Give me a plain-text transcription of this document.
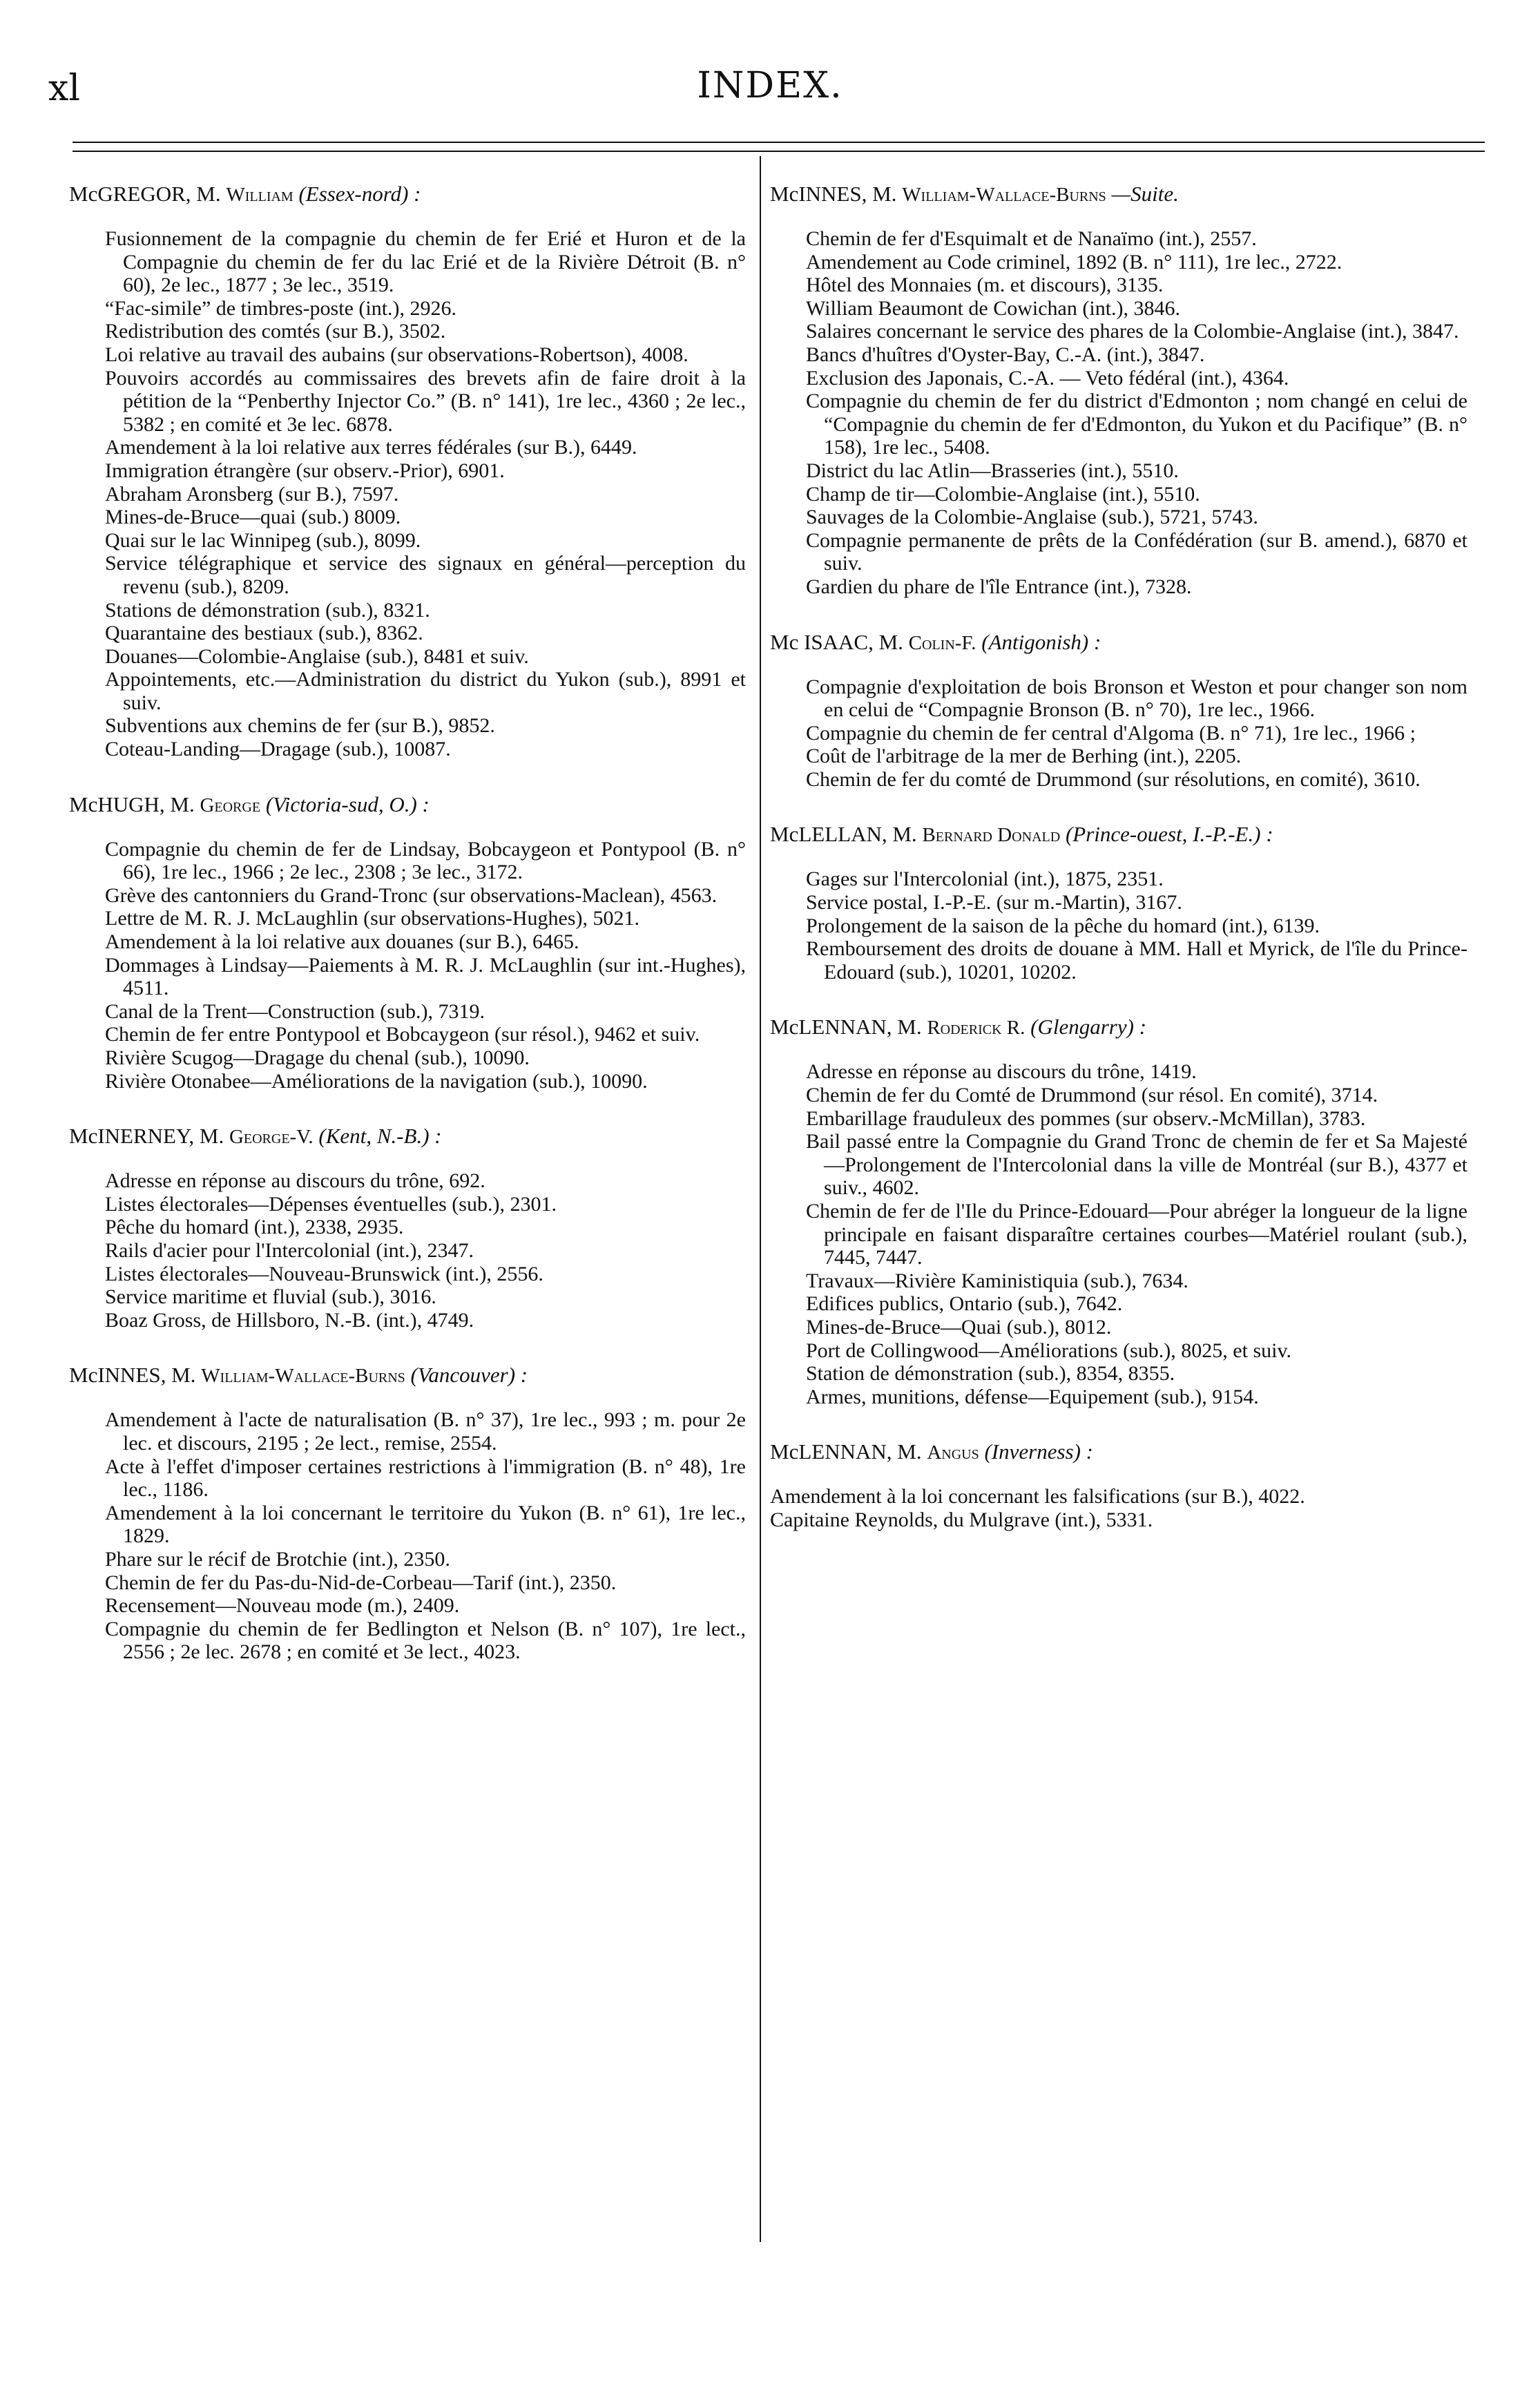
xl	INDEX.
McGREGOR, M. William (Essex-nord) :
Fusionnement de la compagnie du chemin de fer Erié et Huron et de la Compagnie du chemin de fer du lac Erié et de la Rivière Détroit (B. n° 60), 2e lec., 1877 ; 3e lec., 3519.
“Fac-simile” de timbres-poste (int.), 2926.
Redistribution des comtés (sur B.), 3502.
Loi relative au travail des aubains (sur observations-Robertson), 4008.
Pouvoirs accordés au commissaires des brevets afin de faire droit à la pétition de la “Penberthy Injector Co.” (B. n° 141), 1re lec., 4360 ; 2e lec., 5382 ; en comité et 3e lec. 6878.
Amendement à la loi relative aux terres fédérales (sur B.), 6449.
Immigration étrangère (sur observ.-Prior), 6901.
Abraham Aronsberg (sur B.), 7597.
Mines-de-Bruce—quai (sub.) 8009.
Quai sur le lac Winnipeg (sub.), 8099.
Service télégraphique et service des signaux en général—perception du revenu (sub.), 8209.
Stations de démonstration (sub.), 8321.
Quarantaine des bestiaux (sub.), 8362.
Douanes—Colombie-Anglaise (sub.), 8481 et suiv.
Appointements, etc.—Administration du district du Yukon (sub.), 8991 et suiv.
Subventions aux chemins de fer (sur B.), 9852.
Coteau-Landing—Dragage (sub.), 10087.
McHUGH, M. George (Victoria-sud, O.) :
Compagnie du chemin de fer de Lindsay, Bobcaygeon et Pontypool (B. n° 66), 1re lec., 1966 ; 2e lec., 2308 ; 3e lec., 3172.
Grève des cantonniers du Grand-Tronc (sur observations-Maclean), 4563.
Lettre de M. R. J. McLaughlin (sur observations-Hughes), 5021.
Amendement à la loi relative aux douanes (sur B.), 6465.
Dommages à Lindsay—Paiements à M. R. J. McLaughlin (sur int.-Hughes), 4511.
Canal de la Trent—Construction (sub.), 7319.
Chemin de fer entre Pontypool et Bobcaygeon (sur résol.), 9462 et suiv.
Rivière Scugog—Dragage du chenal (sub.), 10090.
Rivière Otonabee—Améliorations de la navigation (sub.), 10090.
McINERNEY, M. George-V. (Kent, N.-B.) :
Adresse en réponse au discours du trône, 692.
Listes électorales—Dépenses éventuelles (sub.), 2301.
Pêche du homard (int.), 2338, 2935.
Rails d'acier pour l'Intercolonial (int.), 2347.
Listes électorales—Nouveau-Brunswick (int.), 2556.
Service maritime et fluvial (sub.), 3016.
Boaz Gross, de Hillsboro, N.-B. (int.), 4749.
McINNES, M. William-Wallace-Burns (Vancouver) :
Amendement à l'acte de naturalisation (B. n° 37), 1re lec., 993 ; m. pour 2e lec. et discours, 2195 ; 2e lect., remise, 2554.
Acte à l'effet d'imposer certaines restrictions à l'immigration (B. n° 48), 1re lec., 1186.
Amendement à la loi concernant le territoire du Yukon (B. n° 61), 1re lec., 1829.
Phare sur le récif de Brotchie (int.), 2350.
Chemin de fer du Pas-du-Nid-de-Corbeau—Tarif (int.), 2350.
Recensement—Nouveau mode (m.), 2409.
Compagnie du chemin de fer Bedlington et Nelson (B. n° 107), 1re lect., 2556 ; 2e lec. 2678 ; en comité et 3e lect., 4023.
McINNES, M. William-Wallace-Burns —Suite.
Chemin de fer d'Esquimalt et de Nanaïmo (int.), 2557.
Amendement au Code criminel, 1892 (B. n° 111), 1re lec., 2722.
Hôtel des Monnaies (m. et discours), 3135.
William Beaumont de Cowichan (int.), 3846.
Salaires concernant le service des phares de la Colombie-Anglaise (int.), 3847.
Bancs d'huîtres d'Oyster-Bay, C.-A. (int.), 3847.
Exclusion des Japonais, C.-A. — Veto fédéral (int.), 4364.
Compagnie du chemin de fer du district d'Edmonton ; nom changé en celui de “Compagnie du chemin de fer d'Edmonton, du Yukon et du Pacifique” (B. n° 158), 1re lec., 5408.
District du lac Atlin—Brasseries (int.), 5510.
Champ de tir—Colombie-Anglaise (int.), 5510.
Sauvages de la Colombie-Anglaise (sub.), 5721, 5743.
Compagnie permanente de prêts de la Confédération (sur B. amend.), 6870 et suiv.
Gardien du phare de l'île Entrance (int.), 7328.
Mc ISAAC, M. Colin-F. (Antigonish) :
Compagnie d'exploitation de bois Bronson et Weston et pour changer son nom en celui de “Compagnie Bronson (B. n° 70), 1re lec., 1966.
Compagnie du chemin de fer central d'Algoma (B. n° 71), 1re lec., 1966 ;
Coût de l'arbitrage de la mer de Berhing (int.), 2205.
Chemin de fer du comté de Drummond (sur résolutions, en comité), 3610.
McLELLAN, M. Bernard Donald (Prince-ouest, I.-P.-E.) :
Gages sur l'Intercolonial (int.), 1875, 2351.
Service postal, I.-P.-E. (sur m.-Martin), 3167.
Prolongement de la saison de la pêche du homard (int.), 6139.
Remboursement des droits de douane à MM. Hall et Myrick, de l'île du Prince-Edouard (sub.), 10201, 10202.
McLENNAN, M. Roderick R. (Glengarry) :
Adresse en réponse au discours du trône, 1419.
Chemin de fer du Comté de Drummond (sur résol. En comité), 3714.
Embarillage frauduleux des pommes (sur observ.-McMillan), 3783.
Bail passé entre la Compagnie du Grand Tronc de chemin de fer et Sa Majesté—Prolongement de l'Intercolonial dans la ville de Montréal (sur B.), 4377 et suiv., 4602.
Chemin de fer de l'Ile du Prince-Edouard—Pour abréger la longueur de la ligne principale en faisant disparaître certaines courbes—Matériel roulant (sub.), 7445, 7447.
Travaux—Rivière Kaministiquia (sub.), 7634.
Edifices publics, Ontario (sub.), 7642.
Mines-de-Bruce—Quai (sub.), 8012.
Port de Collingwood—Améliorations (sub.), 8025, et suiv.
Station de démonstration (sub.), 8354, 8355.
Armes, munitions, défense—Equipement (sub.), 9154.
McLENNAN, M. Angus (Inverness) :
Amendement à la loi concernant les falsifications (sur B.), 4022.
Capitaine Reynolds, du Mulgrave (int.), 5331.
